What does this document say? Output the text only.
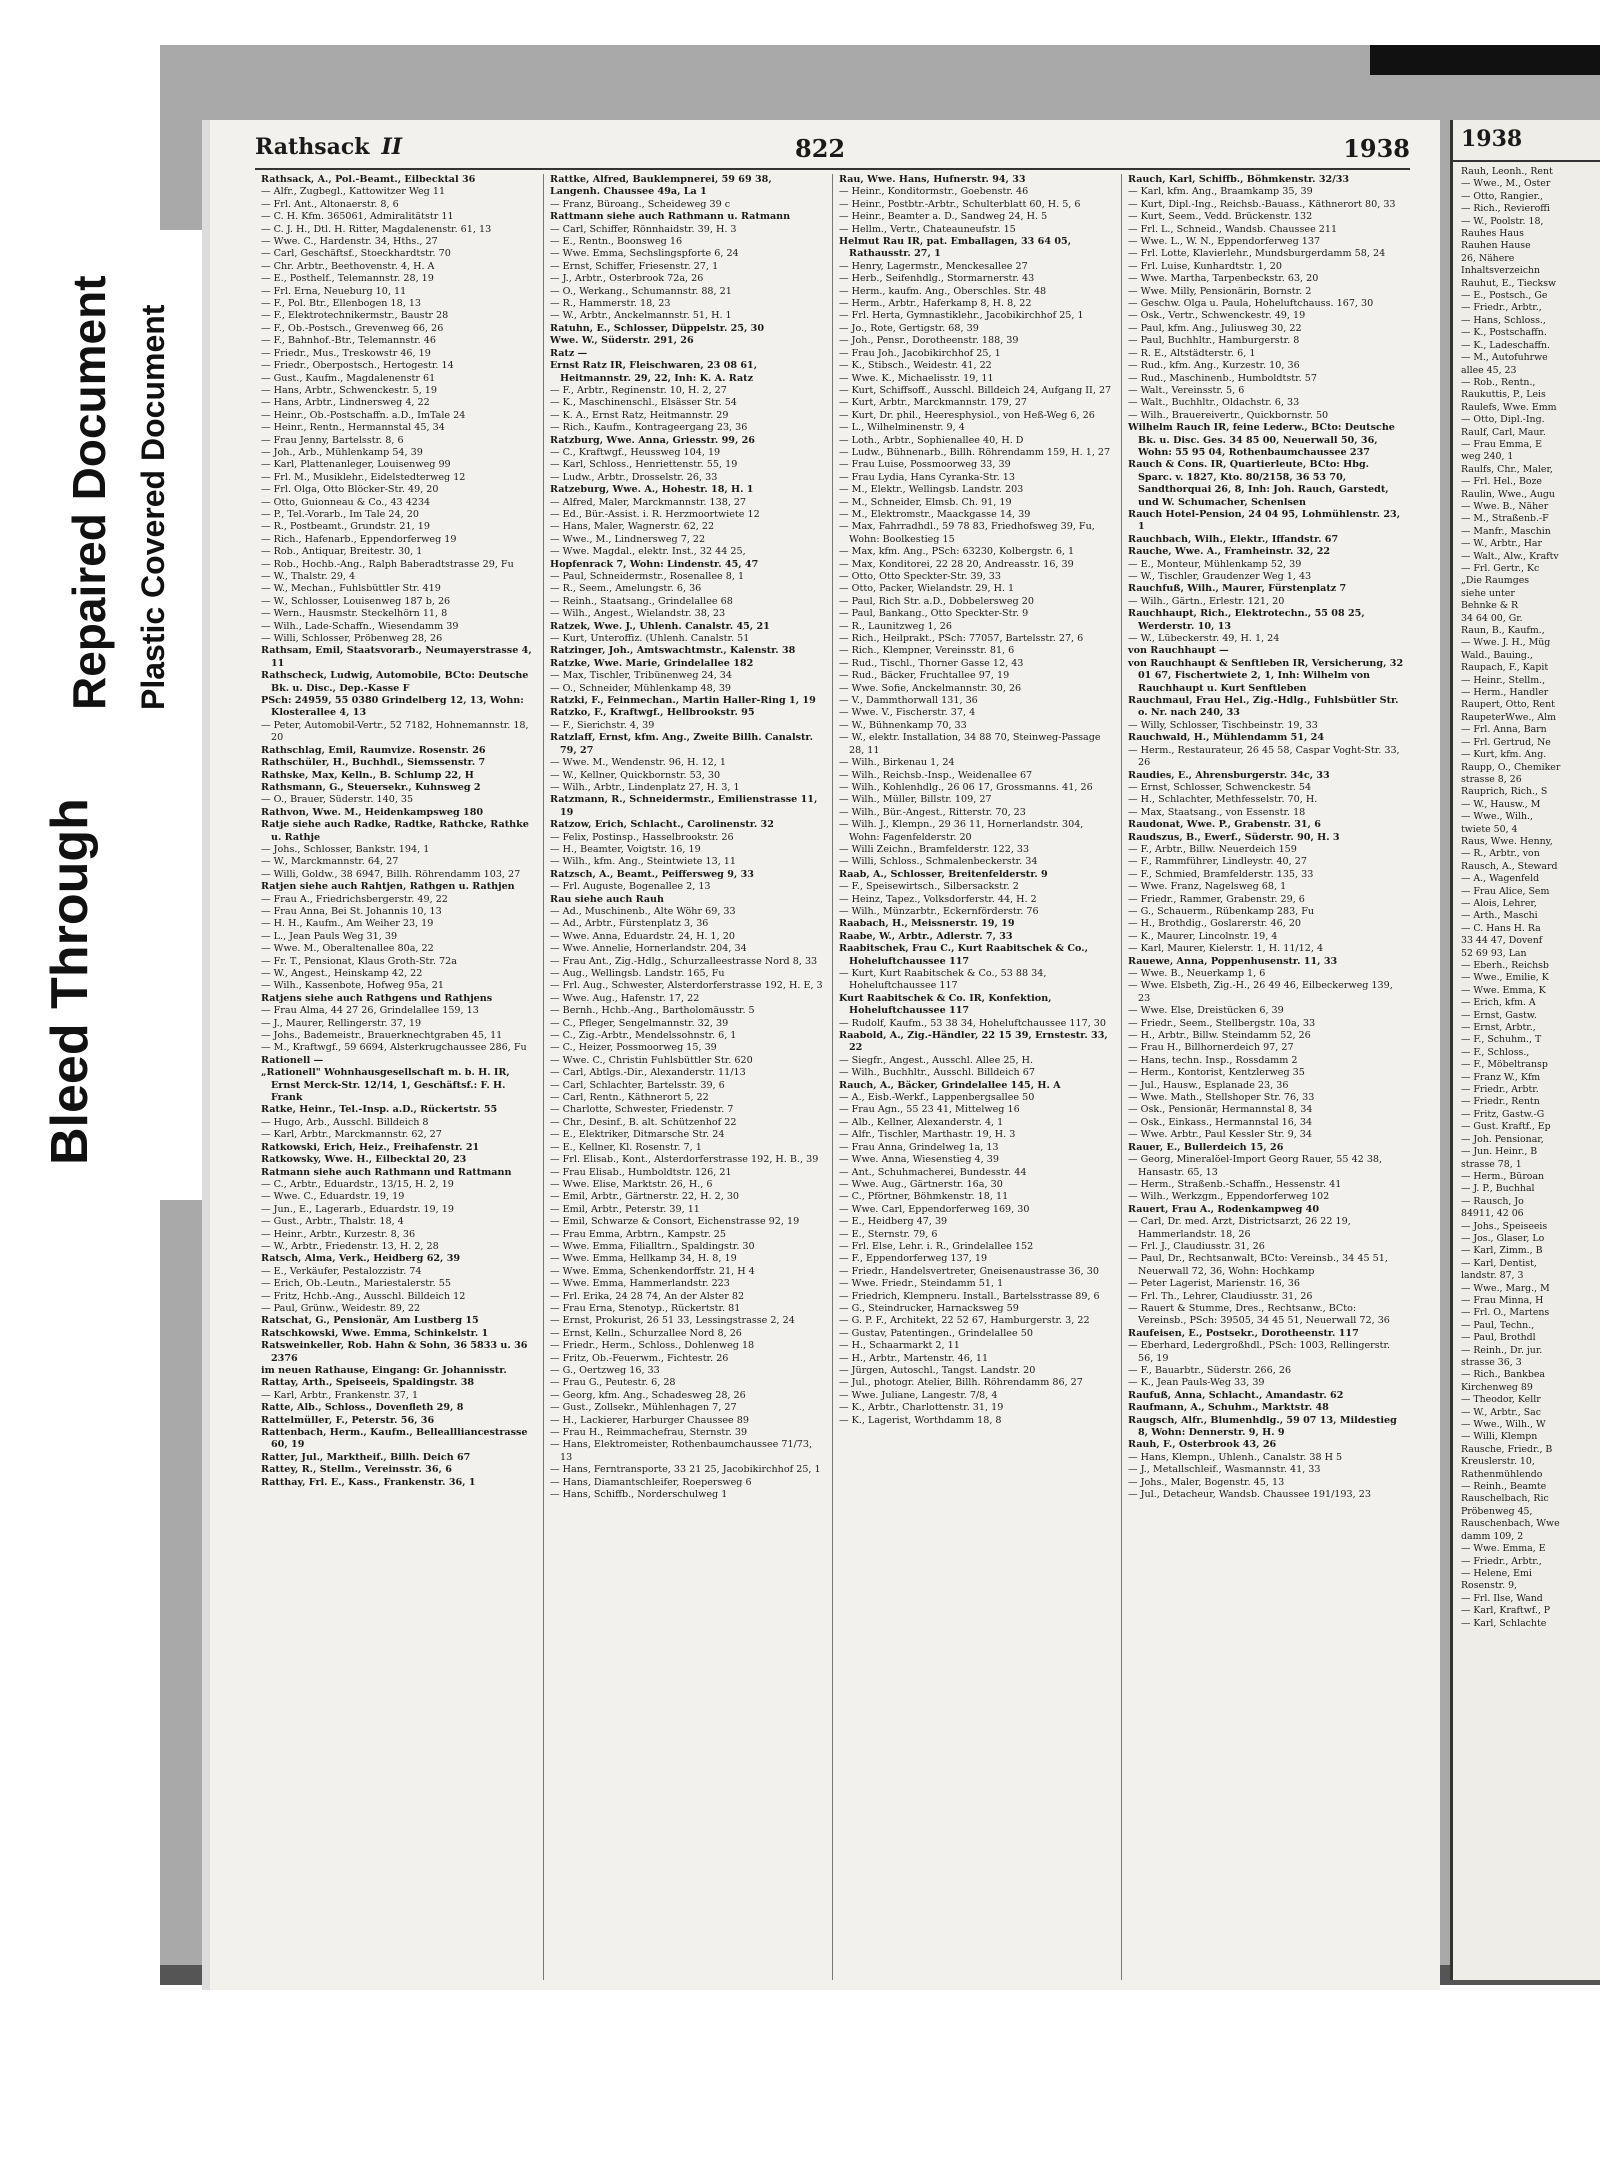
Bleed Through
Repaired Document Plastic Covered Document
Rathsack II	822	1938
Rathsack, A., Pol.-Beamt., Eilbecktal 36
— Alfr., Zugbegl., Kattowitzer Weg 11
— Frl. Ant., Altonaerstr. 8, 6
— C. H. Kfm. 365061, Admiralitätstr 11
— C. J. H., Dtl. H. Ritter, Magdalenenstr. 61, 13
— Wwe. C., Hardenstr. 34, Hths., 27
— Carl, Geschäftsf., Stoeckhardtstr. 70
— Chr. Arbtr., Beethovenstr. 4, H. A
— E., Posthelf., Telemannstr. 28, 19
— Frl. Erna, Neueburg 10, 11
— F., Pol. Btr., Ellenbogen 18, 13
— F., Elektrotechnikermstr., Baustr 28
— F., Ob.-Postsch., Grevenweg 66, 26
— F., Bahnhof.-Btr., Telemannstr. 46
— Friedr., Mus., Treskowstr 46, 19
— Friedr., Oberpostsch., Hertogestr. 14
— Gust., Kaufm., Magdalenenstr 61
— Hans, Arbtr., Schwenckestr. 5, 19
— Hans, Arbtr., Lindnersweg 4, 22
— Heinr., Ob.-Postschaffn. a.D., ImTale 24
— Heinr., Rentn., Hermannstal 45, 34
— Frau Jenny, Bartelsstr. 8, 6
— Joh., Arb., Mühlenkamp 54, 39
— Karl, Plattenanleger, Louisenweg 99
— Frl. M., Musiklehr., Eidelstedterweg 12
— Frl. Olga, Otto Blöcker-Str. 49, 20
— Otto, Guionneau & Co., 43 4234
— P., Tel.-Vorarb., Im Tale 24, 20
— R., Postbeamt., Grundstr. 21, 19
— Rich., Hafenarb., Eppendorferweg 19
— Rob., Antiquar, Breitestr. 30, 1
— Rob., Hochb.-Ang., Ralph Baberadtstrasse 29, Fu
— W., Thalstr. 29, 4
— W., Mechan., Fuhlsbüttler Str. 419
— W., Schlosser, Louisenweg 187 b, 26
— Wern., Hausmstr. Steckelhörn 11, 8
— Wilh., Lade-Schaffn., Wiesendamm 39
— Willi, Schlosser, Pröbenweg 28, 26
Rathsam, Emil, Staatsvorarb., Neumayerstrasse 4, 11
Rathscheck, Ludwig, Automobile, BCto: Deutsche Bk. u. Disc., Dep.-Kasse F
PSch: 24959, 55 0380 Grindelberg 12, 13, Wohn: Klosterallee 4, 13
— Peter, Automobil-Vertr., 52 7182, Hohnemannstr. 18, 20
Rathschlag, Emil, Raumvize. Rosenstr. 26
Rathschüler, H., Buchhdl., Siemssenstr. 7
Rathske, Max, Kelln., B. Schlump 22, H
Rathsmann, G., Steuersekr., Kuhnsweg 2
— O., Brauer, Süderstr. 140, 35
Rathvon, Wwe. M., Heidenkampsweg 180
Ratje siehe auch Radke, Radtke, Rathcke, Rathke u. Rathje
— Johs., Schlosser, Bankstr. 194, 1
— W., Marckmannstr. 64, 27
— Willi, Goldw., 38 6947, Billh. Röhrendamm 103, 27
Ratjen siehe auch Rahtjen, Rathgen u. Rathjen
— Frau A., Friedrichsbergerstr. 49, 22
— Frau Anna, Bei St. Johannis 10, 13
— H. H., Kaufm., Am Weiher 23, 19
— L., Jean Pauls Weg 31, 39
— Wwe. M., Oberaltenallee 80a, 22
— Fr. T., Pensionat, Klaus Groth-Str. 72a
— W., Angest., Heinskamp 42, 22
— Wilh., Kassenbote, Hofweg 95a, 21
Ratjens siehe auch Rathgens und Rathjens
— Frau Alma, 44 27 26, Grindelallee 159, 13
— J., Maurer, Rellingerstr. 37, 19
— Johs., Bademeistr., Brauerknechtgraben 45, 11
— M., Kraftwgf., 59 6694, Alsterkrugchaussee 286, Fu
Rationell —
„Rationell" Wohnhausgesellschaft m. b. H. IR, Ernst Merck-Str. 12/14, 1, Geschäftsf.: F. H. Frank
Ratke, Heinr., Tel.-Insp. a.D., Rückertstr. 55
— Hugo, Arb., Ausschl. Billdeich 8
— Karl, Arbtr., Marckmannstr. 62, 27
Ratkowski, Erich, Heiz., Freihafenstr. 21
Ratkowsky, Wwe. H., Eilbecktal 20, 23
Ratmann siehe auch Rathmann und Rattmann
— C., Arbtr., Eduardstr., 13/15, H. 2, 19
— Wwe. C., Eduardstr. 19, 19
— Jun., E., Lagerarb., Eduardstr. 19, 19
— Gust., Arbtr., Thalstr. 18, 4
— Heinr., Arbtr., Kurzestr. 8, 36
— W., Arbtr., Friedenstr. 13, H. 2, 28
Ratsch, Alma, Verk., Heidberg 62, 39
— E., Verkäufer, Pestalozzistr. 74
— Erich, Ob.-Leutn., Mariestalerstr. 55
— Fritz, Hchb.-Ang., Ausschl. Billdeich 12
— Paul, Grünw., Weidestr. 89, 22
Ratschat, G., Pensionär, Am Lustberg 15
Ratschkowski, Wwe. Emma, Schinkelstr. 1
Ratsweinkeller, Rob. Hahn & Sohn, 36 5833 u. 36 2376
im neuen Rathause, Eingang: Gr. Johannisstr.
Rattay, Arth., Speiseeis, Spaldingstr. 38
— Karl, Arbtr., Frankenstr. 37, 1
Ratte, Alb., Schloss., Dovenfleth 29, 8
Rattelmüller, F., Peterstr. 56, 36
Rattenbach, Herm., Kaufm., Belleallliancestrasse 60, 19
Ratter, Jul., Marktheif., Billh. Deich 67
Rattey, R., Stellm., Vereinsstr. 36, 6
Ratthay, Frl. E., Kass., Frankenstr. 36, 1
Rattke, Alfred, Bauklempnerei, 59 69 38,
Langenh. Chaussee 49a, La 1
— Franz, Büroang., Scheideweg 39 c
Rattmann siehe auch Rathmann u. Ratmann
— Carl, Schiffer, Rönnhaidstr. 39, H. 3
— E., Rentn., Boonsweg 16
— Wwe. Emma, Sechslingspforte 6, 24
— Ernst, Schiffer, Friesenstr. 27, 1
— J., Arbtr., Osterbrook 72a, 26
— O., Werkang., Schumannstr. 88, 21
— R., Hammerstr. 18, 23
— W., Arbtr., Anckelmannstr. 51, H. 1
Ratuhn, E., Schlosser, Düppelstr. 25, 30
Wwe. W., Süderstr. 291, 26
Ratz —
Ernst Ratz IR, Fleischwaren, 23 08 61, Heitmannstr. 29, 22, Inh: K. A. Ratz
— F., Arbtr., Reginenstr. 10, H. 2, 27
— K., Maschinenschl., Elsässer Str. 54
— K. A., Ernst Ratz, Heitmannstr. 29
— Rich., Kaufm., Kontrageergang 23, 36
Ratzburg, Wwe. Anna, Griesstr. 99, 26
— C., Kraftwgf., Heussweg 104, 19
— Karl, Schloss., Henriettenstr. 55, 19
— Ludw., Arbtr., Drosselstr. 26, 33
Ratzeburg, Wwe. A., Hohestr. 18, H. 1
— Alfred, Maler, Marckmannstr. 138, 27
— Ed., Bür.-Assist. i. R. Herzmoortwiete 12
— Hans, Maler, Wagnerstr. 62, 22
— Wwe., M., Lindnersweg 7, 22
— Wwe. Magdal., elektr. Inst., 32 44 25,
Hopfenrack 7, Wohn: Lindenstr. 45, 47
— Paul, Schneidermstr., Rosenallee 8, 1
— R., Seem., Amelungstr. 6, 36
— Reinh., Staatsang., Grindelallee 68
— Wilh., Angest., Wielandstr. 38, 23
Ratzek, Wwe. J., Uhlenh. Canalstr. 45, 21
— Kurt, Unteroffiz. (Uhlenh. Canalstr. 51
Ratzinger, Joh., Amtswachtmstr., Kalenstr. 38
Ratzke, Wwe. Marie, Grindelallee 182
— Max, Tischler, Tribünenweg 24, 34
— O., Schneider, Mühlenkamp 48, 39
Ratzki, F., Feinmechan., Martin Haller-Ring 1, 19
Ratzko, F., Kraftwgf., Hellbrookstr. 95
— F., Sierichstr. 4, 39
Ratzlaff, Ernst, kfm. Ang., Zweite Billh. Canalstr. 79, 27
— Wwe. M., Wendenstr. 96, H. 12, 1
— W., Kellner, Quickbornstr. 53, 30
— Wilh., Arbtr., Lindenplatz 27, H. 3, 1
Ratzmann, R., Schneidermstr., Emilienstrasse 11, 19
Ratzow, Erich, Schlacht., Carolinenstr. 32
— Felix, Postinsp., Hasselbrookstr. 26
— H., Beamter, Voigtstr. 16, 19
— Wilh., kfm. Ang., Steintwiete 13, 11
Ratzsch, A., Beamt., Peiffersweg 9, 33
— Frl. Auguste, Bogenallee 2, 13
Rau siehe auch Rauh
— Ad., Muschinenb., Alte Wöhr 69, 33
— Ad., Arbtr., Fürstenplatz 3, 36
— Wwe. Anna, Eduardstr. 24, H. 1, 20
— Wwe. Annelie, Hornerlandstr. 204, 34
— Frau Ant., Zig.-Hdlg., Schurzalleestrasse Nord 8, 33
— Aug., Wellingsb. Landstr. 165, Fu
— Frl. Aug., Schwester, Alsterdorferstrasse 192, H. E, 3
— Wwe. Aug., Hafenstr. 17, 22
— Bernh., Hchb.-Ang., Bartholomäusstr. 5
— C., Pfleger, Sengelmannstr. 32, 39
— C., Zig.-Arbtr., Mendelssohnstr. 6, 1
— C., Heizer, Possmoorweg 15, 39
— Wwe. C., Christin Fuhlsbüttler Str. 620
— Carl, Abtlgs.-Dir., Alexanderstr. 11/13
— Carl, Schlachter, Bartelsstr. 39, 6
— Carl, Rentn., Käthnerort 5, 22
— Charlotte, Schwester, Friedenstr. 7
— Chr., Desinf., B. alt. Schützenhof 22
— E., Elektriker, Ditmarsche Str. 24
— E., Kellner, Kl. Rosenstr. 7, 1
— Frl. Elisab., Kont., Alsterdorferstrasse 192, H. B., 39
— Frau Elisab., Humboldtstr. 126, 21
— Wwe. Elise, Marktstr. 26, H., 6
— Emil, Arbtr., Gärtnerstr. 22, H. 2, 30
— Emil, Arbtr., Peterstr. 39, 11
— Emil, Schwarze & Consort, Eichenstrasse 92, 19
— Frau Emma, Arbtrn., Kampstr. 25
— Wwe. Emma, Filialltrn., Spaldingstr. 30
— Wwe. Emma, Hellkamp 34, H. 8, 19
— Wwe. Emma, Schenkendorffstr. 21, H 4
— Wwe. Emma, Hammerlandstr. 223
— Frl. Erika, 24 28 74, An der Alster 82
— Frau Erna, Stenotyp., Rückertstr. 81
— Ernst, Prokurist, 26 51 33, Lessingstrasse 2, 24
— Ernst, Kelln., Schurzallee Nord 8, 26
— Friedr., Herm., Schloss., Dohlenweg 18
— Fritz, Ob.-Feuerwm., Fichtestr. 26
— G., Oertzweg 16, 33
— Frau G., Peutestr. 6, 28
— Georg, kfm. Ang., Schadesweg 28, 26
— Gust., Zollsekr., Mühlenhagen 7, 27
— H., Lackierer, Harburger Chaussee 89
— Frau H., Reimmachefrau, Sternstr. 39
— Hans, Elektromeister, Rothenbaumchaussee 71/73, 13
— Hans, Ferntransporte, 33 21 25, Jacobikirchhof 25, 1
— Hans, Diamantschleifer, Roepersweg 6
— Hans, Schiffb., Norderschulweg 1
Rau, Wwe. Hans, Hufnerstr. 94, 33
— Heinr., Konditormstr., Goebenstr. 46
— Heinr., Postbtr.-Arbtr., Schulterblatt 60, H. 5, 6
— Heinr., Beamter a. D., Sandweg 24, H. 5
— Hellm., Vertr., Chateauneufstr. 15
Helmut Rau IR, pat. Emballagen, 33 64 05, Rathausstr. 27, 1
— Henry, Lagermstr., Menckesallee 27
— Herb., Seifenhdlg., Stormarnerstr. 43
— Herm., kaufm. Ang., Oberschles. Str. 48
— Herm., Arbtr., Haferkamp 8, H. 8, 22
— Frl. Herta, Gymnastiklehr., Jacobikirchhof 25, 1
— Jo., Rote, Gertigstr. 68, 39
— Joh., Pensr., Dorotheenstr. 188, 39
— Frau Joh., Jacobikirchhof 25, 1
— K., Stibsch., Weidestr. 41, 22
— Wwe. K., Michaelisstr. 19, 11
— Kurt, Schiffsoff., Ausschl. Billdeich 24, Aufgang II, 27
— Kurt, Arbtr., Marckmannstr. 179, 27
— Kurt, Dr. phil., Heeresphysiol., von Heß-Weg 6, 26
— L., Wilhelminenstr. 9, 4
— Loth., Arbtr., Sophienallee 40, H. D
— Ludw., Bühnenarb., Billh. Röhrendamm 159, H. 1, 27
— Frau Luise, Possmoorweg 33, 39
— Frau Lydia, Hans Cyranka-Str. 13
— M., Elektr., Wellingsb. Landstr. 203
— M., Schneider, Elmsb. Ch. 91, 19
— M., Elektromstr., Maackgasse 14, 39
— Max, Fahrradhdl., 59 78 83, Friedhofsweg 39, Fu, Wohn: Boolkestieg 15
— Max, kfm. Ang., PSch: 63230, Kolbergstr. 6, 1
— Max, Konditorei, 22 28 20, Andreasstr. 16, 39
— Otto, Otto Speckter-Str. 39, 33
— Otto, Packer, Wielandstr. 29, H. 1
— Paul, Rich Str. a.D., Dobbelersweg 20
— Paul, Bankang., Otto Speckter-Str. 9
— R., Launitzweg 1, 26
— Rich., Heilprakt., PSch: 77057, Bartelsstr. 27, 6
— Rich., Klempner, Vereinsstr. 81, 6
— Rud., Tischl., Thorner Gasse 12, 43
— Rud., Bäcker, Fruchtallee 97, 19
— Wwe. Sofie, Anckelmannstr. 30, 26
— V., Dammthorwall 131, 36
— Wwe. V., Fischerstr. 37, 4
— W., Bühnenkamp 70, 33
— W., elektr. Installation, 34 88 70, Steinweg-Passage 28, 11
— Wilh., Birkenau 1, 24
— Wilh., Reichsb.-Insp., Weidenallee 67
— Wilh., Kohlenhdlg., 26 06 17, Grossmanns. 41, 26
— Wilh., Müller, Billstr. 109, 27
— Wilh., Bür.-Angest., Ritterstr. 70, 23
— Wilh. J., Klempn., 29 36 11, Hornerlandstr. 304, Wohn: Fagenfelderstr. 20
— Willi Zeichn., Bramfelderstr. 122, 33
— Willi, Schloss., Schmalenbeckerstr. 34
Raab, A., Schlosser, Breitenfelderstr. 9
— F., Speisewirtsch., Silbersackstr. 2
— Heinz, Tapez., Volksdorferstr. 44, H. 2
— Wilh., Münzarbtr., Eckernförderstr. 76
Raabach, H., Meissnerstr. 19, 19
Raabe, W., Arbtr., Adlerstr. 7, 33
Raabitschek, Frau C., Kurt Raabitschek & Co., Hoheluftchaussee 117
— Kurt, Kurt Raabitschek & Co., 53 88 34, Hoheluftchaussee 117
Kurt Raabitschek & Co. IR, Konfektion, Hoheluftchaussee 117
— Rudolf, Kaufm., 53 38 34, Hoheluftchaussee 117, 30
Raabold, A., Zig.-Händler, 22 15 39, Ernstestr. 33, 22
— Siegfr., Angest., Ausschl. Allee 25, H.
— Wilh., Buchhltr., Ausschl. Billdeich 67
Rauch, A., Bäcker, Grindelallee 145, H. A
— A., Eisb.-Werkf., Lappenbergsallee 50
— Frau Agn., 55 23 41, Mittelweg 16
— Alb., Kellner, Alexanderstr. 4, 1
— Alfr., Tischler, Marthastr. 19, H. 3
— Frau Anna, Grindelweg 1a, 13
— Wwe. Anna, Wiesenstieg 4, 39
— Ant., Schuhmacherei, Bundesstr. 44
— Wwe. Aug., Gärtnerstr. 16a, 30
— C., Pförtner, Böhmkenstr. 18, 11
— Wwe. Carl, Eppendorferweg 169, 30
— E., Heidberg 47, 39
— E., Sternstr. 79, 6
— Frl. Else, Lehr. i. R., Grindelallee 152
— F., Eppendorferweg 137, 19
— Friedr., Handelsvertreter, Gneisenaustrasse 36, 30
— Wwe. Friedr., Steindamm 51, 1
— Friedrich, Klempneru. Install., Bartelsstrasse 89, 6
— G., Steindrucker, Harnacksweg 59
— G. P. F., Architekt, 22 52 67, Hamburgerstr. 3, 22
— Gustav, Patentingen., Grindelallee 50
— H., Schaarmarkt 2, 11
— H., Arbtr., Martenstr. 46, 11
— Jürgen, Autoschl., Tangst. Landstr. 20
— Jul., photogr. Atelier, Billh. Röhrendamm 86, 27
— Wwe. Juliane, Langestr. 7/8, 4
— K., Arbtr., Charlottenstr. 31, 19
— K., Lagerist, Worthdamm 18, 8
Rauch, Karl, Schiffb., Böhmkenstr. 32/33
— Karl, kfm. Ang., Braamkamp 35, 39
— Kurt, Dipl.-Ing., Reichsb.-Bauass., Käthnerort 80, 33
— Kurt, Seem., Vedd. Brückenstr. 132
— Frl. L., Schneid., Wandsb. Chaussee 211
— Wwe. L., W. N., Eppendorferweg 137
— Frl. Lotte, Klavierlehr., Mundsburgerdamm 58, 24
— Frl. Luise, Kunhardtstr. 1, 20
— Wwe. Martha, Tarpenbeckstr. 63, 20
— Wwe. Milly, Pensionärin, Bornstr. 2
— Geschw. Olga u. Paula, Hoheluftchauss. 167, 30
— Osk., Vertr., Schwenckestr. 49, 19
— Paul, kfm. Ang., Juliusweg 30, 22
— Paul, Buchhltr., Hamburgerstr. 8
— R. E., Altstädterstr. 6, 1
— Rud., kfm. Ang., Kurzestr. 10, 36
— Rud., Maschinenb., Humboldtstr. 57
— Walt., Vereinsstr. 5, 6
— Walt., Buchhltr., Oldachstr. 6, 33
— Wilh., Brauereivertr., Quickbornstr. 50
Wilhelm Rauch IR, feine Lederw., BCto: Deutsche Bk. u. Disc. Ges. 34 85 00, Neuerwall 50, 36, Wohn: 55 95 04, Rothenbaumchaussee 237
Rauch & Cons. IR, Quartierleute, BCto: Hbg. Sparc. v. 1827, Kto. 80/2158, 36 53 70, Sandthorquai 26, 8, Inh: Joh. Rauch, Garstedt, und W. Schumacher, Schenlsen
Rauch Hotel-Pension, 24 04 95, Lohmühlenstr. 23, 1
Rauchbach, Wilh., Elektr., Iffandstr. 67
Rauche, Wwe. A., Framheinstr. 32, 22
— E., Monteur, Mühlenkamp 52, 39
— W., Tischler, Graudenzer Weg 1, 43
Rauchfuß, Wilh., Maurer, Fürstenplatz 7
— Wilh., Gärtn., Erlestr. 121, 20
Rauchhaupt, Rich., Elektrotechn., 55 08 25, Werderstr. 10, 13
— W., Lübeckerstr. 49, H. 1, 24
von Rauchhaupt —
von Rauchhaupt & Senftleben IR, Versicherung, 32 01 67, Fischertwiete 2, 1, Inh: Wilhelm von Rauchhaupt u. Kurt Senftleben
Rauchmaul, Frau Hel., Zig.-Hdlg., Fuhlsbütler Str. o. Nr. nach 240, 33
— Willy, Schlosser, Tischbeinstr. 19, 33
Rauchwald, H., Mühlendamm 51, 24
— Herm., Restaurateur, 26 45 58, Caspar Voght-Str. 33, 26
Raudies, E., Ahrensburgerstr. 34c, 33
— Ernst, Schlosser, Schwenckestr. 54
— H., Schlachter, Methfesselstr. 70, H.
— Max, Staatsang., von Essenstr. 18
Raudonat, Wwe. P., Grabenstr. 31, 6
Raudszus, B., Ewerf., Süderstr. 90, H. 3
— F., Arbtr., Billw. Neuerdeich 159
— F., Rammführer, Lindleystr. 40, 27
— F., Schmied, Bramfelderstr. 135, 33
— Wwe. Franz, Nagelsweg 68, 1
— Friedr., Rammer, Grabenstr. 29, 6
— G., Schauerm., Rübenkamp 283, Fu
— H., Brothdig., Goslarerstr. 46, 20
— K., Maurer, Lincolnstr. 19, 4
— Karl, Maurer, Kielerstr. 1, H. 11/12, 4
Rauewe, Anna, Poppenhusenstr. 11, 33
— Wwe. B., Neuerkamp 1, 6
— Wwe. Elsbeth, Zig.-H., 26 49 46, Eilbeckerweg 139, 23
— Wwe. Else, Dreistücken 6, 39
— Friedr., Seem., Stellbergstr. 10a, 33
— H., Arbtr., Billw. Steindamm 52, 26
— Frau H., Billhornerdeich 97, 27
— Hans, techn. Insp., Rossdamm 2
— Herm., Kontorist, Kentzlerweg 35
— Jul., Hausw., Esplanade 23, 36
— Wwe. Math., Stellshoper Str. 76, 33
— Osk., Pensionär, Hermannstal 8, 34
— Osk., Einkass., Hermannstal 16, 34
— Wwe. Arbtr., Paul Kessler Str. 9, 34
Rauer, E., Bullerdeich 15, 26
— Georg, Mineralöel-Import Georg Rauer, 55 42 38, Hansastr. 65, 13
— Herm., Straßenb.-Schaffn., Hessenstr. 41
— Wilh., Werkzgm., Eppendorferweg 102
Rauert, Frau A., Rodenkampweg 40
— Carl, Dr. med. Arzt, Districtsarzt, 26 22 19, Hammerlandstr. 18, 26
— Frl. J., Claudiusstr. 31, 26
— Paul, Dr., Rechtsanwalt, BCto: Vereinsb., 34 45 51, Neuerwall 72, 36, Wohn: Hochkamp
— Peter Lagerist, Marienstr. 16, 36
— Frl. Th., Lehrer, Claudiusstr. 31, 26
— Rauert & Stumme, Dres., Rechtsanw., BCto: Vereinsb., PSch: 39505, 34 45 51, Neuerwall 72, 36
Raufeisen, E., Postsekr., Dorotheenstr. 117
— Eberhard, Ledergroßhdl., PSch: 1003, Rellingerstr. 56, 19
— F., Bauarbtr., Süderstr. 266, 26
— K., Jean Pauls-Weg 33, 39
Raufuß, Anna, Schlacht., Amandastr. 62
Raufmann, A., Schuhm., Marktstr. 48
Raugsch, Alfr., Blumenhdlg., 59 07 13, Mildestieg 8, Wohn: Dennerstr. 9, H. 9
Rauh, F., Osterbrook 43, 26
— Hans, Klempn., Uhlenh., Canalstr. 38 H 5
— J., Metallschleif., Wasmannstr. 41, 33
— Johs., Maler, Bogenstr. 45, 13
— Jul., Detacheur, Wandsb. Chaussee 191/193, 23
1938
Rauh, Leonh., Rent
— Wwe., M., Oster
— Otto, Rangier.,
— Rich., Revieroffi
— W., Poolstr. 18,
Rauhes Haus
Rauhen Hause
26, Nähere
Inhaltsverzeichn
Rauhut, E., Tiecksw
— E., Postsch., Ge
— Friedr., Arbtr.,
— Hans, Schloss.,
— K., Postschaffn.
— K., Ladeschaffn.
— M., Autofuhrwe
allee 45, 23
— Rob., Rentn.,
Raukuttis, P., Leis
Raulefs, Wwe. Emm
— Otto, Dipl.-Ing.
Raulf, Carl, Maur.
— Frau Emma, E
weg 240, 1
Raulfs, Chr., Maler,
— Frl. Hel., Boze
Raulin, Wwe., Augu
— Wwe. B., Näher
— M., Straßenb.-F
— Manfr., Maschin
— W., Arbtr., Har
— Walt., Alw., Kraftv
— Frl. Gertr., Kc
„Die Raumges
siehe unter
Behnke & R
34 64 00, Gr.
Raun, B., Kaufm.,
— Wwe. J. H., Müg
Wald., Bauing.,
Raupach, F., Kapit
— Heinr., Stellm.,
— Herm., Handler
Raupert, Otto, Rent
RaupeterWwe., Alm
— Frl. Anna, Barn
— Frl. Gertrud, Ne
— Kurt, kfm. Ang.
Raupp, O., Chemiker
strasse 8, 26
Rauprich, Rich., S
— W., Hausw., M
— Wwe., Wilh.,
twiete 50, 4
Raus, Wwe. Henny,
— R., Arbtr., von
Rausch, A., Steward
— A., Wagenfeld
— Frau Alice, Sem
— Alois, Lehrer,
— Arth., Maschi
— C. Hans H. Ra
33 44 47, Dovenf
52 69 93, Lan
— Eberh., Reichsb
— Wwe., Emilie, K
— Wwe. Emma, K
— Erich, kfm. A
— Ernst, Gastw.
— Ernst, Arbtr.,
— F., Schuhm., T
— F., Schloss.,
— F., Möbeltransp
— Franz W., Kfm
— Friedr., Arbtr.
— Friedr., Rentn
— Fritz, Gastw.-G
— Gust. Kraftf., Ep
— Joh. Pensionar,
— Jun. Heinr., B
strasse 78, 1
— Herm., Büroan
— J. P., Buchhal
— Rausch, Jo
84911, 42 06
— Johs., Speiseeis
— Jos., Glaser, Lo
— Karl, Zimm., B
— Karl, Dentist,
landstr. 87, 3
— Wwe., Marg., M
— Frau Minna, H
— Frl. O., Martens
— Paul, Techn.,
— Paul, Brothdl
— Reinh., Dr. jur.
strasse 36, 3
— Rich., Bankbea
Kirchenweg 89
— Theodor, Kellr
— W., Arbtr., Sac
— Wwe., Wilh., W
— Willi, Klempn
Rausche, Friedr., B
Kreuslerstr. 10,
Rathenmühlendo
— Reinh., Beamte
Rauschelbach, Ric
Pröbenweg 45,
Rauschenbach, Wwe
damm 109, 2
— Wwe. Emma, E
— Friedr., Arbtr.,
— Helene, Emi
Rosenstr. 9,
— Frl. Ilse, Wand
— Karl, Kraftwf., P
— Karl, Schlachte
